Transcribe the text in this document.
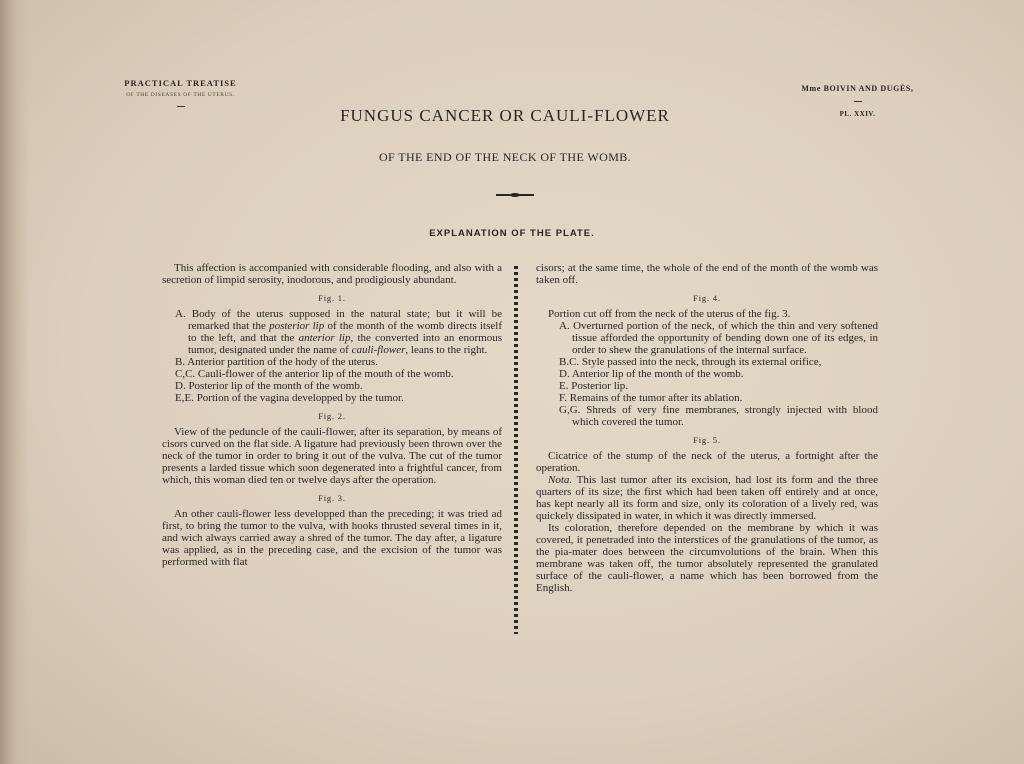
PRACTICAL TREATISE
OF THE DISEASES OF THE UTERUS.
Mme BOIVIN AND DUGÈS,
PL. XXIV.
FUNGUS CANCER OR CAULI-FLOWER
OF THE END OF THE NECK OF THE WOMB.
EXPLANATION OF THE PLATE.

This affection is accompanied with considerable flooding, and also with a secretion of limpid serosity, inodorous, and prodigiously abundant.

Fig. 1.

A. Body of the uterus supposed in the natural state; but it will be remarked that the posterior lip of the month of the womb directs itself to the left, and that the anterior lip, the converted into an enormous tumor, designated under the name of cauli-flower, leans to the right.

B. Anterior partition of the hody of the uterus.

C,C. Cauli-flower of the anterior lip of the mouth of the womb.

D. Posterior lip of the month of the womb.

E,E. Portion of the vagina developped by the tumor.

Fig. 2.

View of the peduncle of the cauli-flower, after its separation, by means of cisors curved on the flat side. A ligature had previously been thrown over the neck of the tumor in order to bring it out of the vulva. The cut of the tumor presents a larded tissue which soon degenerated into a frightful cancer, from which, this woman died ten or twelve days after the operation.

Fig. 3.

An other cauli-flower less developped than the preceding; it was tried ad first, to bring the tumor to the vulva, with hooks thrusted several times in it, and wich always carried away a shred of the tumor. The day after, a ligature was applied, as in the preceding case, and the excision of the tumor was performed with flat

cisors; at the same time, the whole of the end of the month of the womb was taken off.

Fig. 4.

Portion cut off from the neck of the uterus of the fig. 3.

A. Overturned portion of the neck, of which the thin and very softened tissue afforded the opportunity of bending down one of its edges, in order to shew the granulations of the internal surface.

B.C. Style passed into the neck, through its external orifice,

D. Anterior lip of the month of the womb.

E. Posterior lip.

F. Remains of the tumor after its ablation.

G,G. Shreds of very fine membranes, strongly injected with blood which covered the tumor.

Fig. 5.

Cicatrice of the stump of the neck of the uterus, a fortnight after the operation.

Nota. This last tumor after its excision, had lost its form and the three quarters of its size; the first which had been taken off entirely and at once, has kept nearly all its form and size, only its coloration of a lively red, was quickely dissipated in water, in which it was directly immersed.

Its coloration, therefore depended on the membrane by which it was covered, it penetraded into the interstices of the granulations of the tumor, as the pia-mater does between the circumvolutions of the brain. When this membrane was taken off, the tumor absolutely represented the granulated surface of the cauli-flower, a name which has been borrowed from the English.
